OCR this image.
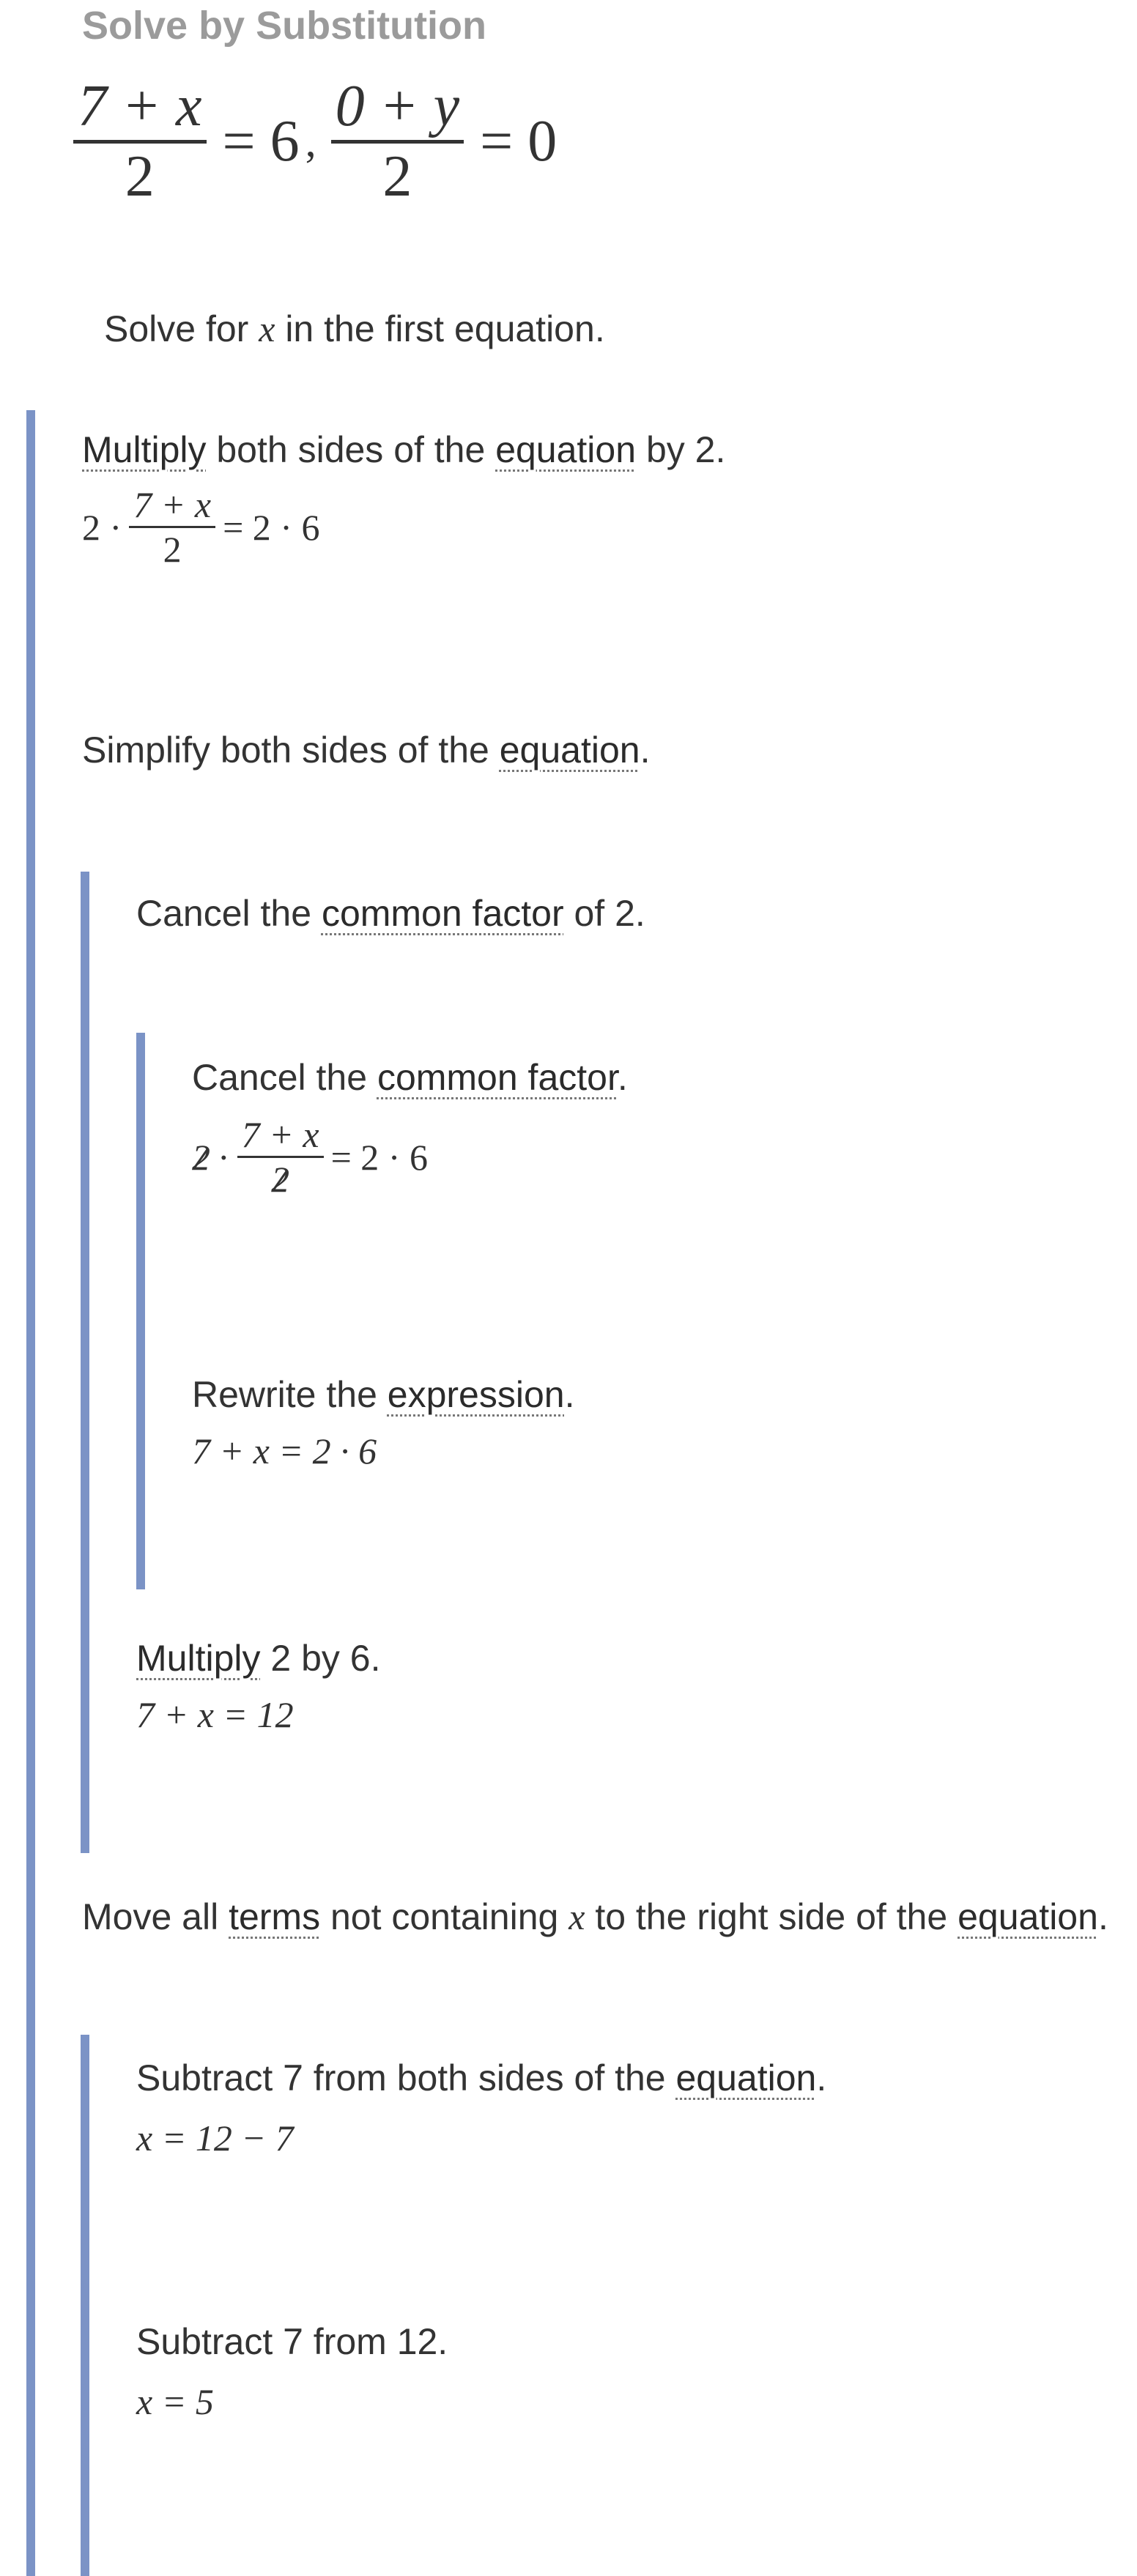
Solve by Substitution
7 + x
2
= 6 ,
0 + y
2
= 0
Solve for x in the first equation.
Multiply both sides of the equation by 2.
$2 \cdot \frac{7 + x}{2} = 2 \cdot 6$
Simplify both sides of the equation.
Cancel the common factor of 2.
Cancel the common factor.
$2 \cdot \frac{7 + x}{2} = 2 \cdot 6$
Rewrite the expression.
7 + x = 2 · 6
Multiply 2 by 6.
7 + x = 12
Move all terms not containing x to the right side of the equation.
Subtract 7 from both sides of the equation.
x = 12 − 7
Subtract 7 from 12.
x = 5
